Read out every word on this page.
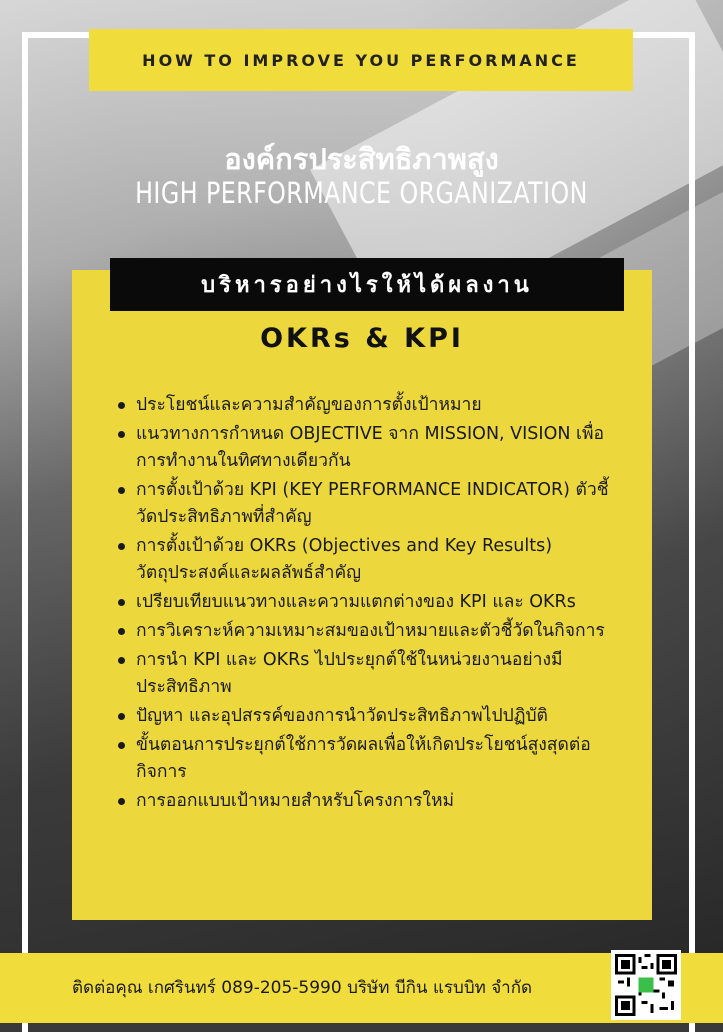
HOW TO IMPROVE YOU PERFORMANCE
องค์กรประสิทธิภาพสูง
HIGH PERFORMANCE ORGANIZATION
บริหารอย่างไรให้ได้ผลงาน
OKRs & KPI
ประโยชน์และความสำคัญของการตั้งเป้าหมาย
แนวทางการกำหนด OBJECTIVE จาก MISSION, VISION เพื่อการทำงานในทิศทางเดียวกัน
การตั้งเป้าด้วย KPI (KEY PERFORMANCE INDICATOR) ตัวชี้วัดประสิทธิภาพที่สำคัญ
การตั้งเป้าด้วย OKRs (Objectives and Key Results) วัตถุประสงค์และผลลัพธ์สำคัญ
เปรียบเทียบแนวทางและความแตกต่างของ KPI และ OKRs
การวิเคราะห์ความเหมาะสมของเป้าหมายและตัวชี้วัดในกิจการ
การนำ KPI และ OKRs ไปประยุกต์ใช้ในหน่วยงานอย่างมีประสิทธิภาพ
ปัญหา และอุปสรรค์ของการนำวัดประสิทธิภาพไปปฏิบัติ
ขั้นตอนการประยุกต์ใช้การวัดผลเพื่อให้เกิดประโยชน์สูงสุดต่อกิจการ
การออกแบบเป้าหมายสำหรับโครงการใหม่
ติดต่อคุณ เกศรินทร์ 089-205-5990 บริษัท บีกิน แรบบิท จำกัด
